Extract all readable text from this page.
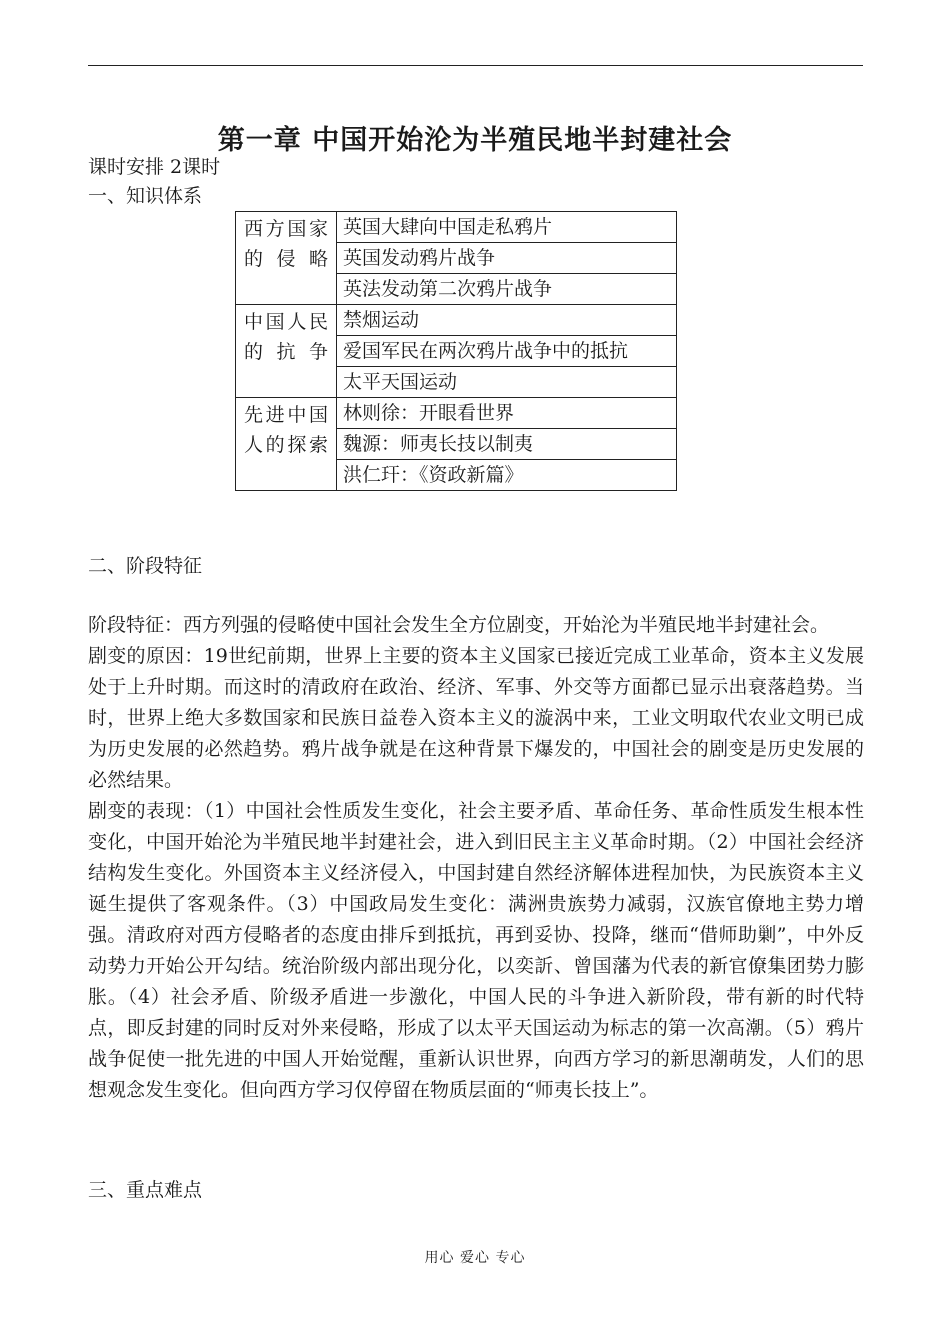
第一章 中国开始沦为半殖民地半封建社会
课时安排 2课时
一、知识体系
西方国家的侵略	英国大肆向中国走私鸦片
	英国发动鸦片战争
	英法发动第二次鸦片战争
中国人民的抗争	禁烟运动
	爱国军民在两次鸦片战争中的抵抗
	太平天国运动
先进中国人的探索	林则徐：开眼看世界
	魏源：师夷长技以制夷
	洪仁玕：《资政新篇》
二、阶段特征

阶段特征：西方列强的侵略使中国社会发生全方位剧变，开始沦为半殖民地半封建社会。

剧变的原因：19世纪前期，世界上主要的资本主义国家已接近完成工业革命，资本主义发展处于上升时期。而这时的清政府在政治、经济、军事、外交等方面都已显示出衰落趋势。当时，世界上绝大多数国家和民族日益卷入资本主义的漩涡中来，工业文明取代农业文明已成为历史发展的必然趋势。鸦片战争就是在这种背景下爆发的，中国社会的剧变是历史发展的必然结果。

剧变的表现：（1）中国社会性质发生变化，社会主要矛盾、革命任务、革命性质发生根本性变化，中国开始沦为半殖民地半封建社会，进入到旧民主主义革命时期。（2）中国社会经济结构发生变化。外国资本主义经济侵入，中国封建自然经济解体进程加快，为民族资本主义诞生提供了客观条件。（3）中国政局发生变化：满洲贵族势力减弱，汉族官僚地主势力增强。清政府对西方侵略者的态度由排斥到抵抗，再到妥协、投降，继而“借师助剿”，中外反动势力开始公开勾结。统治阶级内部出现分化，以奕訢、曾国藩为代表的新官僚集团势力膨胀。（4）社会矛盾、阶级矛盾进一步激化，中国人民的斗争进入新阶段，带有新的时代特点，即反封建的同时反对外来侵略，形成了以太平天国运动为标志的第一次高潮。（5）鸦片战争促使一批先进的中国人开始觉醒，重新认识世界，向西方学习的新思潮萌发，人们的思想观念发生变化。但向西方学习仅停留在物质层面的“师夷长技上”。

三、重点难点
用心 爱心 专心
